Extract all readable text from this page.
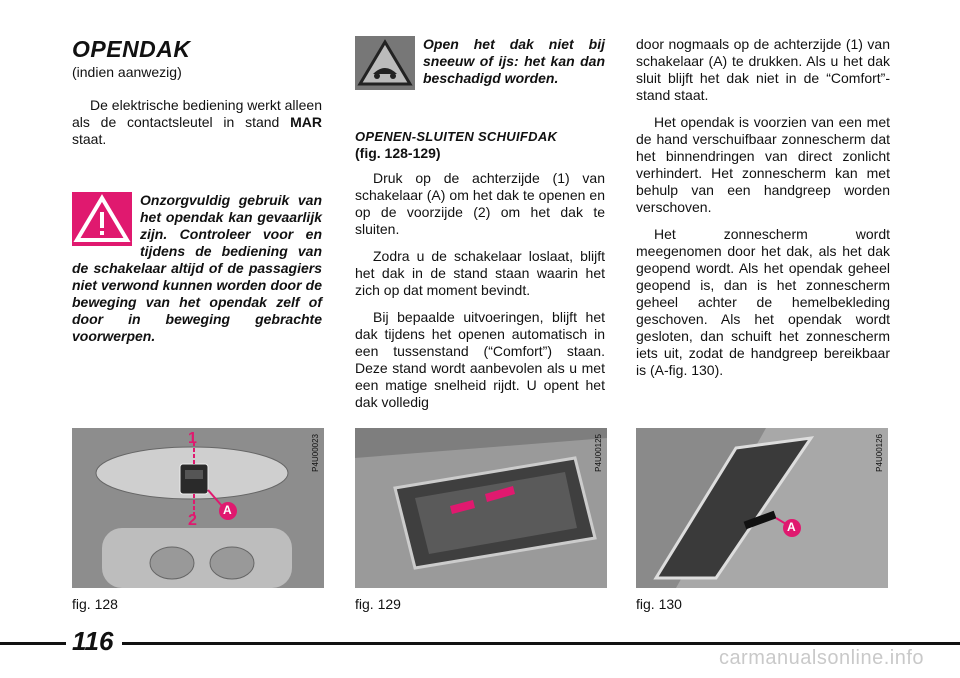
OPENDAK
(indien aanwezig)

De elektrische bediening werkt alleen als de contactsleutel in stand MAR staat.

Onzorgvuldig gebruik van het opendak kan gevaarlijk zijn. Controleer voor en tijdens de bediening van de schakelaar altijd of de passagiers niet verwond kunnen worden door de beweging van het opendak zelf of door in beweging gebrachte voorwerpen.
Open het dak niet bij sneeuw of ijs: het kan dan beschadigd worden.
OPENEN-SLUITEN SCHUIFDAK
(fig. 128-129)

Druk op de achterzijde (1) van schakelaar (A) om het dak te openen en op de voorzijde (2) om het dak te sluiten.

Zodra u de schakelaar loslaat, blijft het dak in de stand staan waarin het zich op dat moment bevindt.

Bij bepaalde uitvoeringen, blijft het dak tijdens het openen automatisch in een tussenstand (“Comfort”) staan. Deze stand wordt aanbevolen als u met een matige snelheid rijdt. U opent het dak volledig

door nogmaals op de achterzijde (1) van schakelaar (A) te drukken. Als u het dak sluit blijft het dak niet in de “Comfort”-stand staat.

Het opendak is voorzien van een met de hand verschuifbaar zonnescherm dat het binnendringen van direct zonlicht verhindert. Het zonnescherm kan met behulp van een handgreep worden verschoven.

Het zonnescherm wordt meegenomen door het dak, als het dak geopend wordt. Als het opendak geheel geopend is, dan is het zonnescherm geheel achter de hemelbekleding geschoven. Als het opendak wordt gesloten, dan schuift het zonnescherm iets uit, zodat de handgreep bereikbaar is (A-fig. 130).

1
2
A
P4U00023
fig. 128
P4U00125
fig. 129
A
P4U00126
fig. 130
116
carmanualsonline.info
